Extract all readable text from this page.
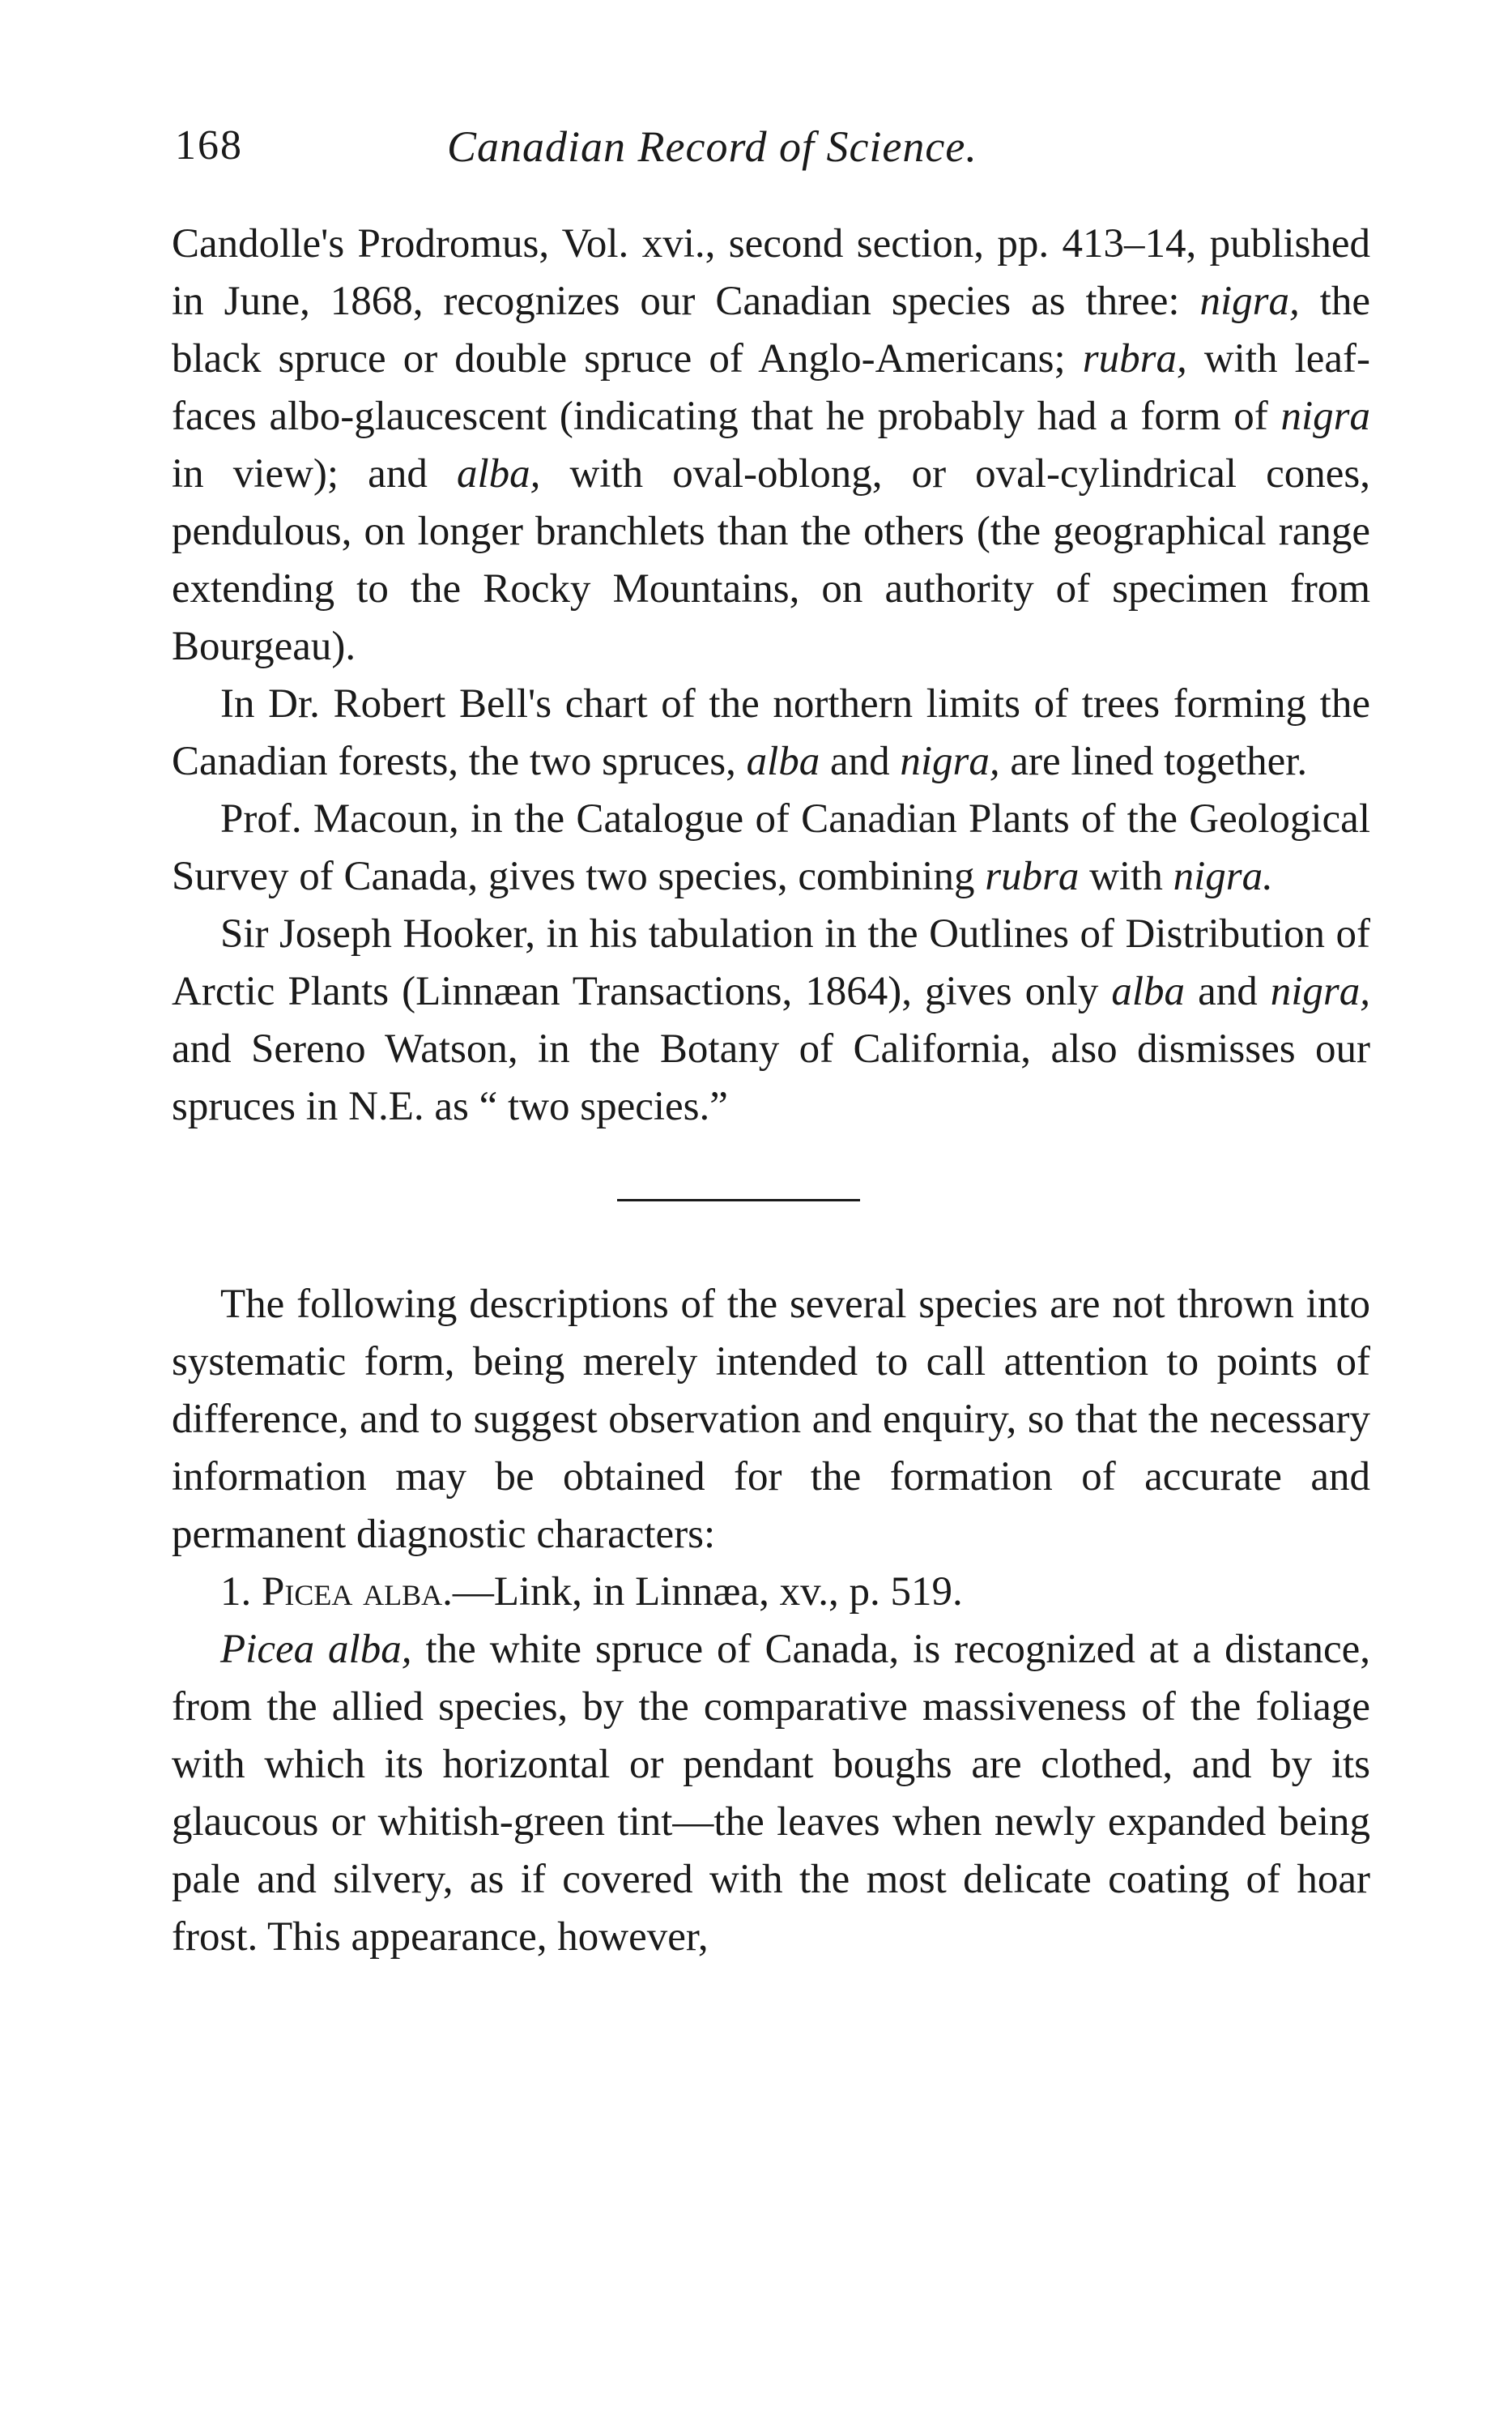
168	Canadian Record of Science.

Candolle's Prodromus, Vol. xvi., second section, pp. 413–14, published in June, 1868, recognizes our Canadian species as three: nigra, the black spruce or double spruce of Anglo-Americans; rubra, with leaf-faces albo-glaucescent (indicating that he probably had a form of nigra in view); and alba, with oval-oblong, or oval-cylindrical cones, pendulous, on longer branchlets than the others (the geographical range extending to the Rocky Mountains, on authority of specimen from Bourgeau).

In Dr. Robert Bell's chart of the northern limits of trees forming the Canadian forests, the two spruces, alba and nigra, are lined together.

Prof. Macoun, in the Catalogue of Canadian Plants of the Geological Survey of Canada, gives two species, combining rubra with nigra.

Sir Joseph Hooker, in his tabulation in the Outlines of Distribution of Arctic Plants (Linnæan Transactions, 1864), gives only alba and nigra, and Sereno Watson, in the Botany of California, also dismisses our spruces in N.E. as “ two species.”

The following descriptions of the several species are not thrown into systematic form, being merely intended to call attention to points of difference, and to suggest observation and enquiry, so that the necessary information may be obtained for the formation of accurate and permanent diagnostic characters:

1. Picea alba.—Link, in Linnæa, xv., p. 519.

Picea alba, the white spruce of Canada, is recognized at a distance, from the allied species, by the comparative massiveness of the foliage with which its horizontal or pendant boughs are clothed, and by its glaucous or whitish-green tint—the leaves when newly expanded being pale and silvery, as if covered with the most delicate coating of hoar frost. This appearance, however,
